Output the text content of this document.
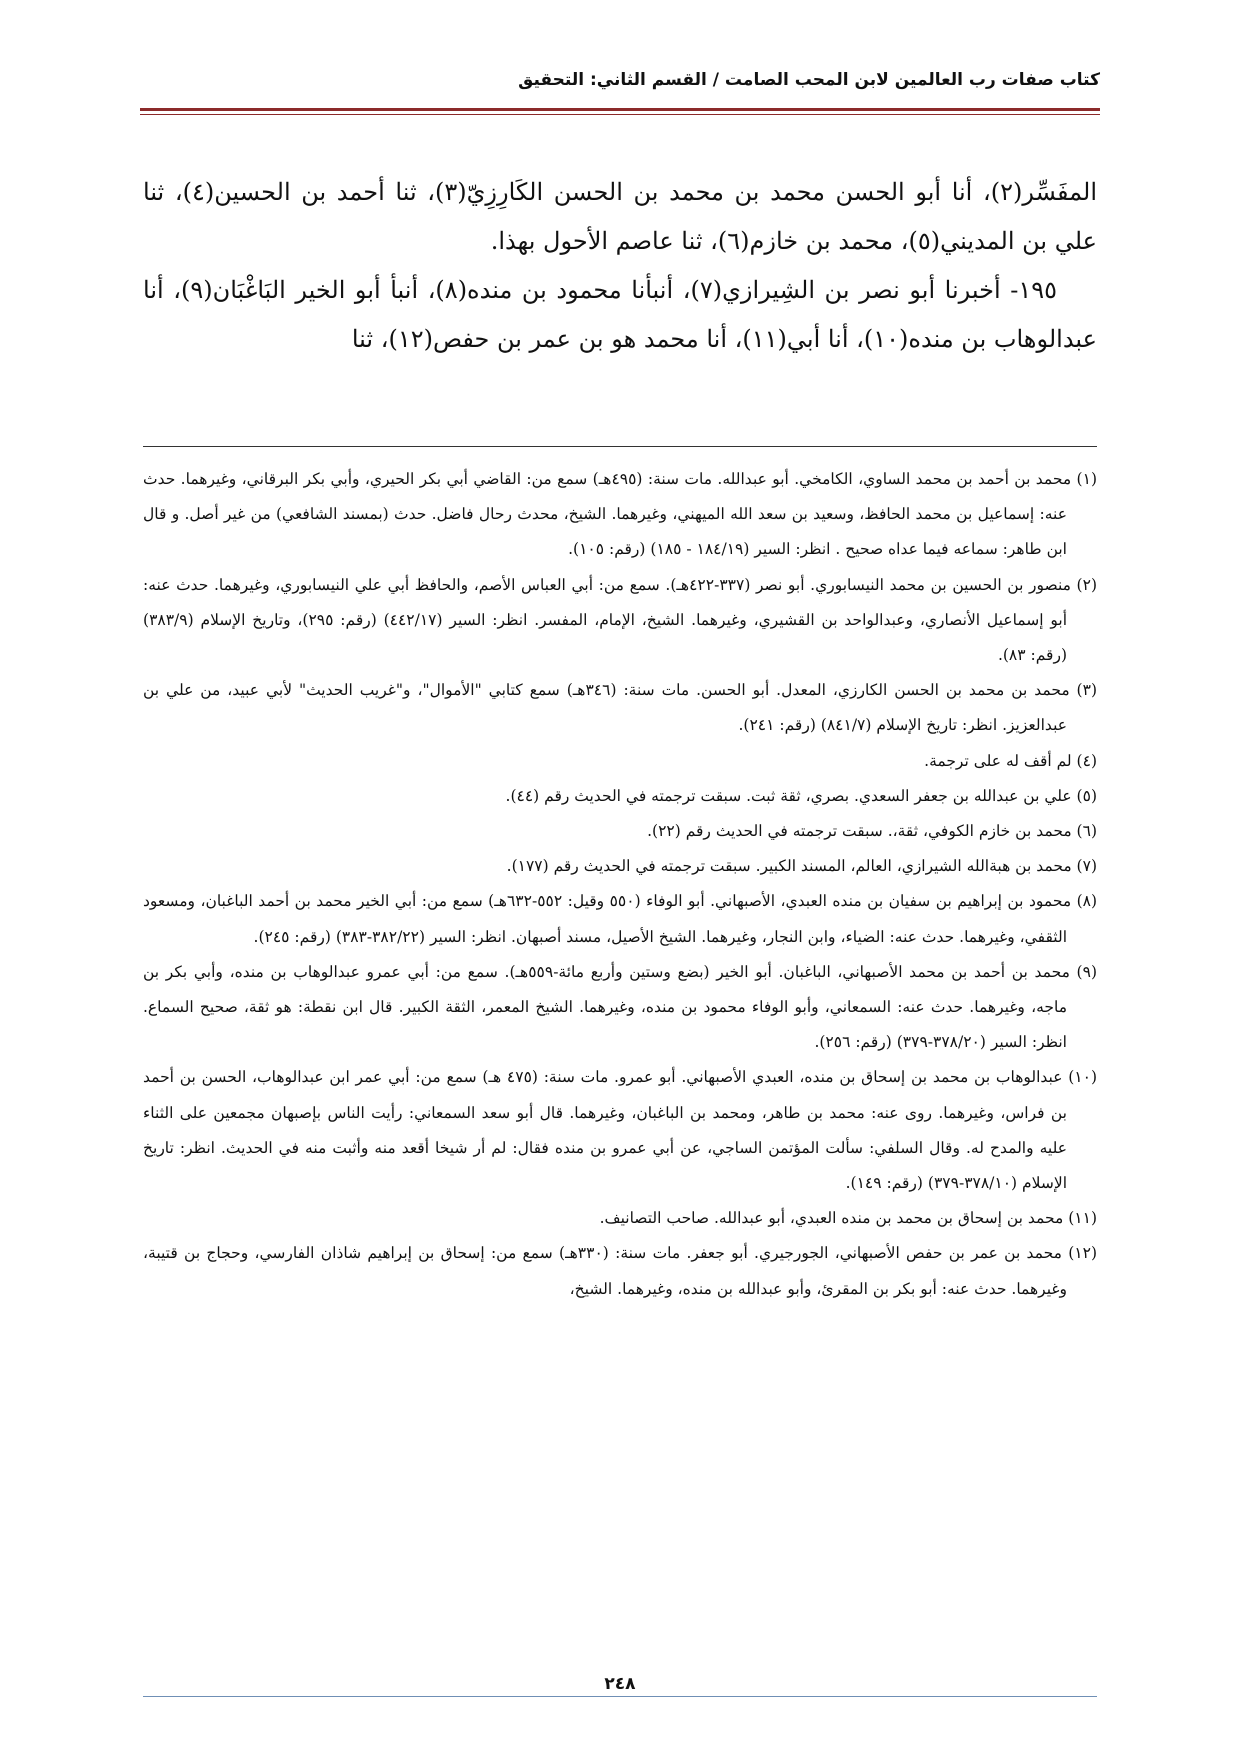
كتاب صفات رب العالمين لابن المحب الصامت / القسم الثاني: التحقيق

المفَسِّر(٢)، أنا أبو الحسن محمد بن محمد بن الحسن الكَارِزِيّ(٣)، ثنا أحمد بن الحسين(٤)، ثنا علي بن المديني(٥)، محمد بن خازم(٦)، ثنا عاصم الأحول بهذا.

١٩٥- أخبرنا أبو نصر بن الشِيرازي(٧)، أنبأنا محمود بن منده(٨)، أنبأ أبو الخير البَاغْبَان(٩)، أنا عبدالوهاب بن منده(١٠)، أنا أبي(١١)، أنا محمد هو بن عمر بن حفص(١٢)، ثنا

(١) محمد بن أحمد بن محمد الساوي، الكامخي. أبو عبدالله. مات سنة: (٤٩٥هـ) سمع من: القاضي أبي بكر الحيري، وأبي بكر البرقاني، وغيرهما. حدث عنه: إسماعيل بن محمد الحافظ، وسعيد بن سعد الله الميهني، وغيرهما. الشيخ، محدث رحال فاضل. حدث (بمسند الشافعي) من غير أصل. و قال ابن طاهر: سماعه فيما عداه صحيح . انظر: السير (١٨٤/١٩ - ١٨٥) (رقم: ١٠٥).

(٢) منصور بن الحسين بن محمد النيسابوري. أبو نصر (٣٣٧-٤٢٢هـ). سمع من: أبي العباس الأصم، والحافظ أبي علي النيسابوري، وغيرهما. حدث عنه: أبو إسماعيل الأنصاري، وعبدالواحد بن القشيري، وغيرهما. الشيخ، الإمام، المفسر. انظر: السير (٤٤٢/١٧) (رقم: ٢٩٥)، وتاريخ الإسلام (٣٨٣/٩) (رقم: ٨٣).

(٣) محمد بن محمد بن الحسن الكارزي، المعدل. أبو الحسن. مات سنة: (٣٤٦هـ) سمع كتابي "الأموال"، و"غريب الحديث" لأبي عبيد، من علي بن عبدالعزيز. انظر: تاريخ الإسلام (٨٤١/٧) (رقم: ٢٤١).

(٤) لم أقف له على ترجمة.

(٥) علي بن عبدالله بن جعفر السعدي. بصري، ثقة ثبت. سبقت ترجمته في الحديث رقم (٤٤).

(٦) محمد بن خازم الكوفي، ثقة،. سبقت ترجمته في الحديث رقم (٢٢).

(٧) محمد بن هبةالله الشيرازي، العالم، المسند الكبير. سبقت ترجمته في الحديث رقم (١٧٧).

(٨) محمود بن إبراهيم بن سفيان بن منده العبدي، الأصبهاني. أبو الوفاء (٥٥٠ وقيل: ٥٥٢-٦٣٢هـ) سمع من: أبي الخير محمد بن أحمد الباغبان، ومسعود الثقفي، وغيرهما. حدث عنه: الضياء، وابن النجار، وغيرهما. الشيخ الأصيل، مسند أصبهان. انظر: السير (٣٨٢/٢٢-٣٨٣) (رقم: ٢٤٥).

(٩) محمد بن أحمد بن محمد الأصبهاني، الباغبان. أبو الخير (بضع وستين وأربع مائة-٥٥٩هـ). سمع من: أبي عمرو عبدالوهاب بن منده، وأبي بكر بن ماجه، وغيرهما. حدث عنه: السمعاني، وأبو الوفاء محمود بن منده، وغيرهما. الشيخ المعمر، الثقة الكبير. قال ابن نقطة: هو ثقة، صحيح السماع. انظر: السير (٣٧٨/٢٠-٣٧٩) (رقم: ٢٥٦).

(١٠) عبدالوهاب بن محمد بن إسحاق بن منده، العبدي الأصبهاني. أبو عمرو. مات سنة: (٤٧٥ هـ) سمع من: أبي عمر ابن عبدالوهاب، الحسن بن أحمد بن فراس، وغيرهما. روى عنه: محمد بن طاهر، ومحمد بن الباغبان، وغيرهما. قال أبو سعد السمعاني: رأيت الناس بإصبهان مجمعين على الثناء عليه والمدح له. وقال السلفي: سألت المؤتمن الساجي، عن أبي عمرو بن منده فقال: لم أر شيخا أقعد منه وأثبت منه في الحديث. انظر: تاريخ الإسلام (٣٧٨/١٠-٣٧٩) (رقم: ١٤٩).

(١١) محمد بن إسحاق بن محمد بن منده العبدي، أبو عبدالله. صاحب التصانيف.

(١٢) محمد بن عمر بن حفص الأصبهاني، الجورجيري. أبو جعفر. مات سنة: (٣٣٠هـ) سمع من: إسحاق بن إبراهيم شاذان الفارسي، وحجاج بن قتيبة، وغيرهما. حدث عنه: أبو بكر بن المقرئ، وأبو عبدالله بن منده، وغيرهما. الشيخ،

٢٤٨
